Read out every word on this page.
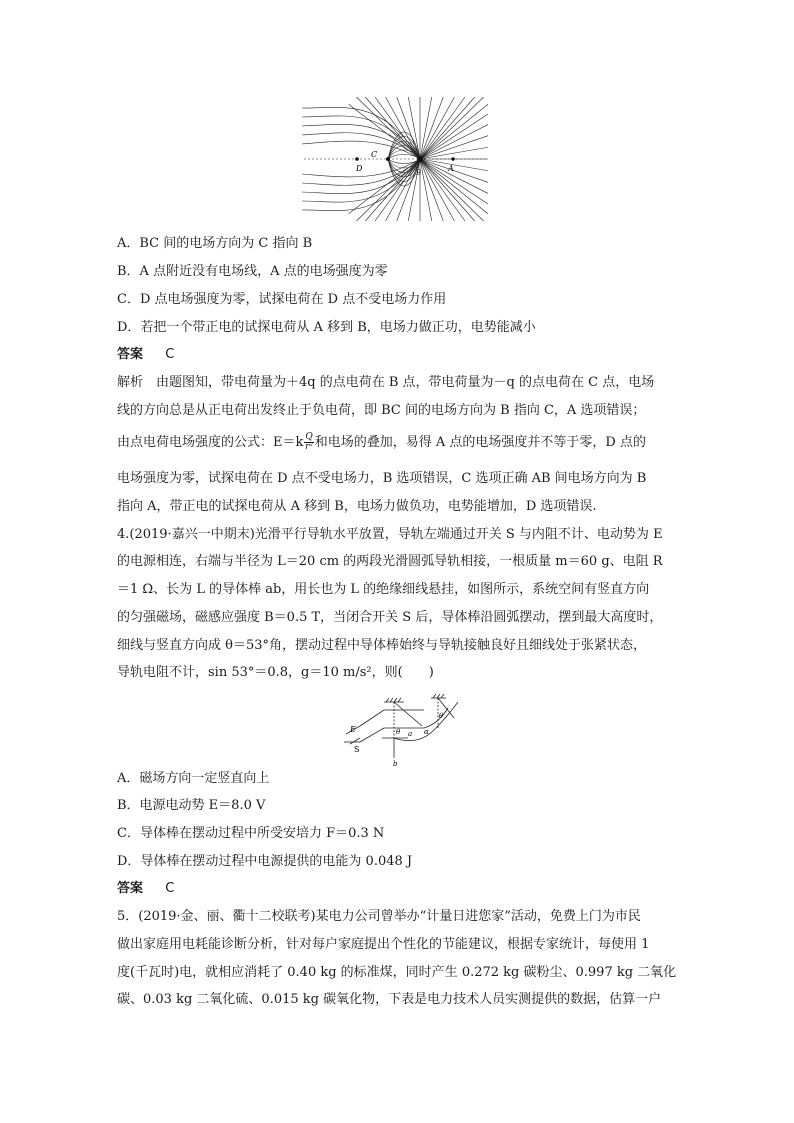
D
C
B	A
A．BC 间的电场方向为 C 指向 B
B．A 点附近没有电场线，A 点的电场强度为零
C．D 点电场强度为零，试探电荷在 D 点不受电场力作用
D．若把一个带正电的试探电荷从 A 移到 B，电场力做正功，电势能减小
答案 C
解析　由题图知，带电荷量为＋4q 的点电荷在 B 点，带电荷量为－q 的点电荷在 C 点，电场
线的方向总是从正电荷出发终止于负电荷，即 BC 间的电场方向为 B 指向 C，A 选项错误；
由点电荷电场强度的公式：$E=k \frac{Q}{\text{r²}}$ 和电场的叠加，易得 A 点的电场强度并不等于零，D 点的
电场强度为零，试探电荷在 D 点不受电场力，B 选项错误，C 选项正确 AB 间电场方向为 B
指向 A，带正电的试探电荷从 A 移到 B，电场力做负功，电势能增加，D 选项错误.
4.(2019·嘉兴一中期末)光滑平行导轨水平放置，导轨左端通过开关 S 与内阻不计、电动势为 E
的电源相连，右端与半径为 L＝20 cm 的两段光滑圆弧导轨相接，一根质量 m＝60 g、电阻 R
＝1 Ω、长为 L 的导体棒 ab，用长也为 L 的绝缘细线悬挂，如图所示，系统空间有竖直方向
的匀强磁场，磁感应强度 B＝0.5 T，当闭合开关 S 后，导体棒沿圆弧摆动，摆到最大高度时，
细线与竖直方向成 θ＝53°角，摆动过程中导体棒始终与导轨接触良好且细线处于张紧状态，
导轨电阻不计，sin 53°＝0.8，g＝10 m/s²，则(　　)
E
S
θ
θ
a
b
α
A．磁场方向一定竖直向上
B．电源电动势 E＝8.0 V
C．导体棒在摆动过程中所受安培力 F＝0.3 N
D．导体棒在摆动过程中电源提供的电能为 0.048 J
答案 C
5．(2019·金、丽、衢十二校联考)某电力公司曾举办“计量日进您家”活动，免费上门为市民
做出家庭用电耗能诊断分析，针对每户家庭提出个性化的节能建议，根据专家统计，每使用 1
度(千瓦时)电，就相应消耗了 0.40 kg 的标准煤，同时产生 0.272 kg 碳粉尘、0.997 kg 二氧化
碳、0.03 kg 二氧化硫、0.015 kg 碳氧化物，下表是电力技术人员实测提供的数据，估算一户
